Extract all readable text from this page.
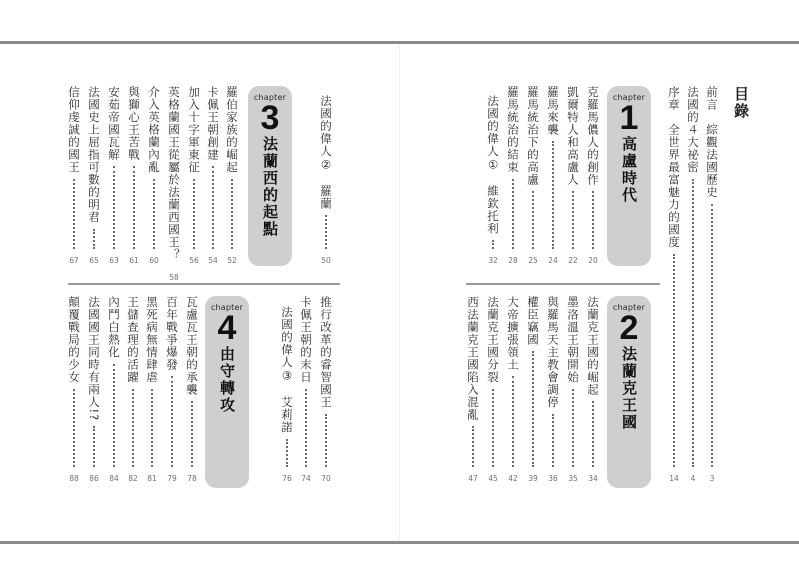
目錄
前言　綜觀法國歷史
3
法國的４大祕密
4
序章　全世界最富魅力的國度
14
chapter
1
高盧時代
克羅馬儂人的創作
20
凱爾特人和高盧人
22
羅馬來襲
24
羅馬統治下的高盧
25
羅馬統治的結束
28
法國的偉人①　維欽托利
32
chapter
2
法蘭克王國
法蘭克王國的崛起
34
墨洛溫王朝開始
35
與羅馬天主教會調停
36
權臣竊國
39
大帝擴張領土
42
法蘭克王國分裂
45
西法蘭克王國陷入混亂
47
法國的偉人②　羅蘭
50
chapter
3
法蘭西的起點
羅伯家族的崛起
52
卡佩王朝創建
54
加入十字軍東征
56
英格蘭國王從屬於法蘭西國王？
58
介入英格蘭內亂
60
與獅心王苦戰
61
安茹帝國瓦解
63
法國史上屈指可數的明君
65
信仰虔誠的國王
67
推行改革的睿智國王
70
卡佩王朝的末日
74
法國的偉人③　艾莉諾
76
chapter
4
由守轉攻
瓦盧瓦王朝的承襲
78
百年戰爭爆發
79
黑死病無情肆虐
81
王儲查理的活躍
82
內鬥白熱化
84
法國國王同時有兩人!?
86
顛覆戰局的少女
88
